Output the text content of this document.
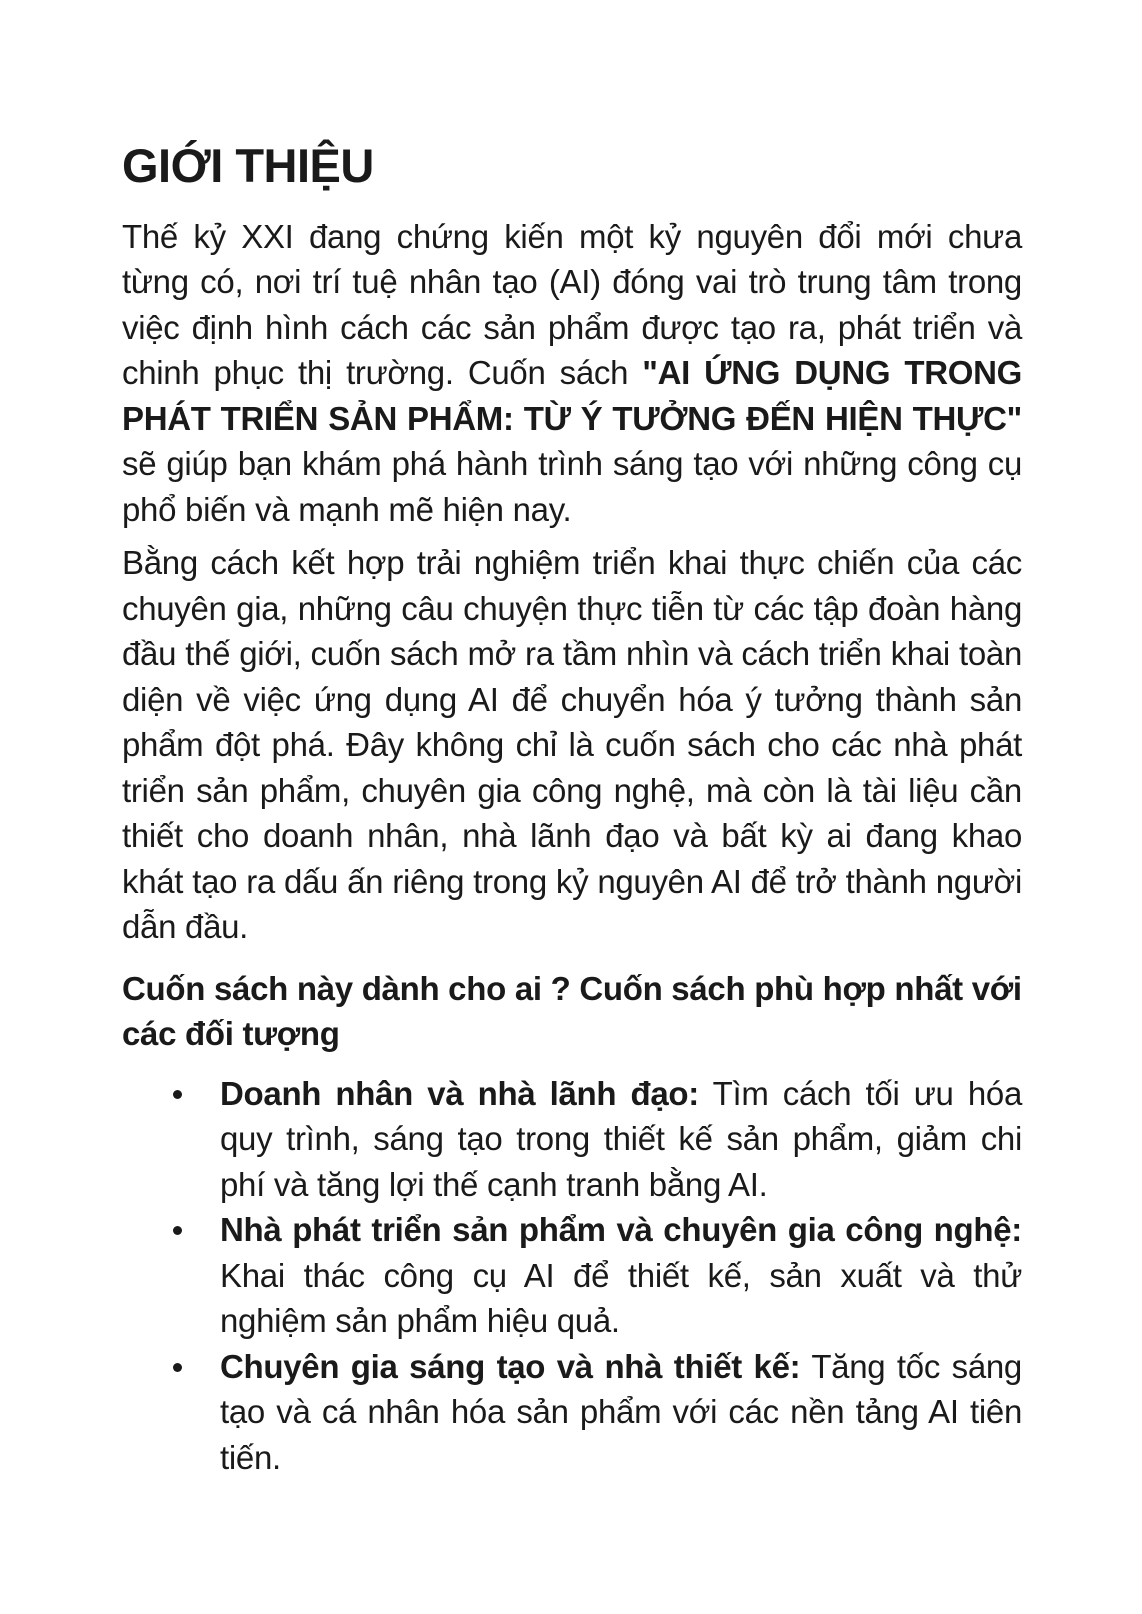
GIỚI THIỆU

Thế kỷ XXI đang chứng kiến một kỷ nguyên đổi mới chưa từng có, nơi trí tuệ nhân tạo (AI) đóng vai trò trung tâm trong việc định hình cách các sản phẩm được tạo ra, phát triển và chinh phục thị trường. Cuốn sách "AI ỨNG DỤNG TRONG PHÁT TRIỂN SẢN PHẨM: TỪ Ý TƯỞNG ĐẾN HIỆN THỰC" sẽ giúp bạn khám phá hành trình sáng tạo với những công cụ phổ biến và mạnh mẽ hiện nay.

Bằng cách kết hợp trải nghiệm triển khai thực chiến của các chuyên gia, những câu chuyện thực tiễn từ các tập đoàn hàng đầu thế giới, cuốn sách mở ra tầm nhìn và cách triển khai toàn diện về việc ứng dụng AI để chuyển hóa ý tưởng thành sản phẩm đột phá. Đây không chỉ là cuốn sách cho các nhà phát triển sản phẩm, chuyên gia công nghệ, mà còn là tài liệu cần thiết cho doanh nhân, nhà lãnh đạo và bất kỳ ai đang khao khát tạo ra dấu ấn riêng trong kỷ nguyên AI để trở thành người dẫn đầu.

Cuốn sách này dành cho ai ? Cuốn sách phù hợp nhất với các đối tượng

Doanh nhân và nhà lãnh đạo: Tìm cách tối ưu hóa quy trình, sáng tạo trong thiết kế sản phẩm, giảm chi phí và tăng lợi thế cạnh tranh bằng AI.
Nhà phát triển sản phẩm và chuyên gia công nghệ: Khai thác công cụ AI để thiết kế, sản xuất và thử nghiệm sản phẩm hiệu quả.
Chuyên gia sáng tạo và nhà thiết kế: Tăng tốc sáng tạo và cá nhân hóa sản phẩm với các nền tảng AI tiên tiến.
